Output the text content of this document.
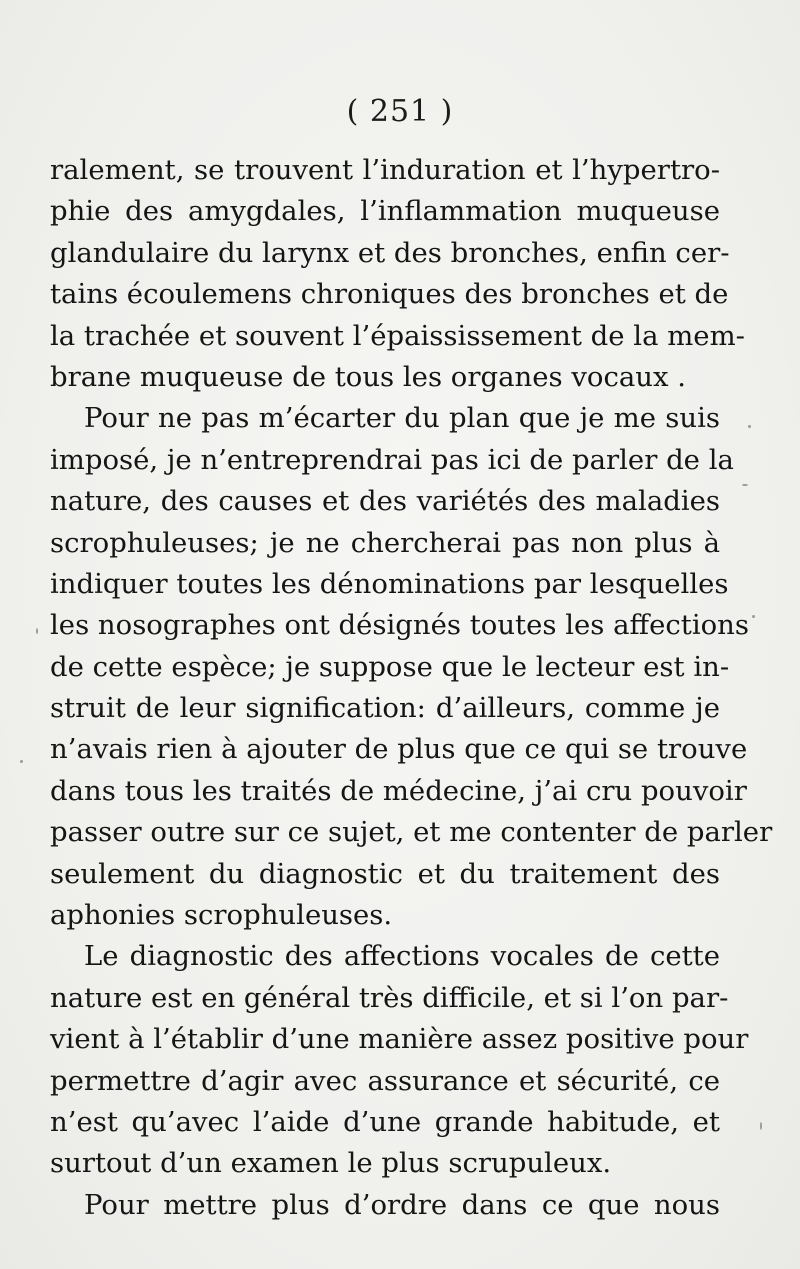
( 251 )
ralement, se trouvent l’induration et l’hypertro-
phie des amygdales, l’inflammation muqueuse
glandulaire du larynx et des bronches, enfin cer-
tains écoulemens chroniques des bronches et de
la trachée et souvent l’épaississement de la mem-
brane muqueuse de tous les organes vocaux .
Pour ne pas m’écarter du plan que je me suis
imposé, je n’entreprendrai pas ici de parler de la
nature, des causes et des variétés des maladies
scrophuleuses; je ne chercherai pas non plus à
indiquer toutes les dénominations par lesquelles
les nosographes ont désignés toutes les affections
de cette espèce; je suppose que le lecteur est in-
struit de leur signification: d’ailleurs, comme je
n’avais rien à ajouter de plus que ce qui se trouve
dans tous les traités de médecine, j’ai cru pouvoir
passer outre sur ce sujet, et me contenter de parler
seulement du diagnostic et du traitement des
aphonies scrophuleuses.
Le diagnostic des affections vocales de cette
nature est en général très difficile, et si l’on par-
vient à l’établir d’une manière assez positive pour
permettre d’agir avec assurance et sécurité, ce
n’est qu’avec l’aide d’une grande habitude, et
surtout d’un examen le plus scrupuleux.
Pour mettre plus d’ordre dans ce que nous
